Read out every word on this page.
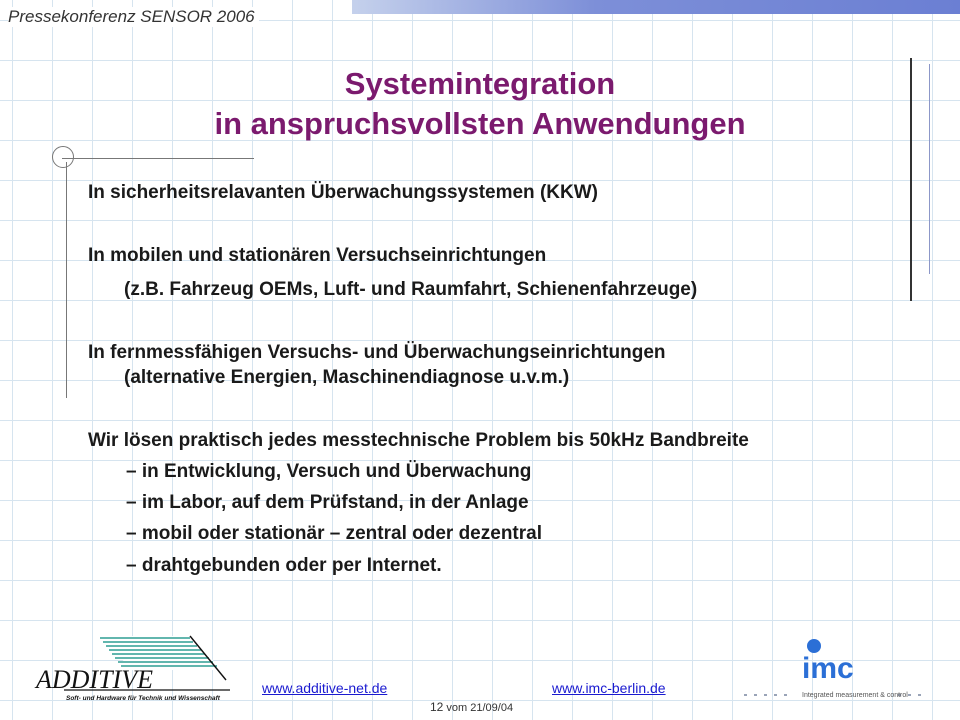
Pressekonferenz SENSOR 2006
Systemintegration
in anspruchsvollsten Anwendungen
In sicherheitsrelavanten Überwachungssystemen (KKW)
In mobilen und stationären Versuchseinrichtungen
(z.B. Fahrzeug OEMs, Luft- und Raumfahrt, Schienenfahrzeuge)
In fernmessfähigen Versuchs- und Überwachungseinrichtungen
(alternative Energien, Maschinendiagnose u.v.m.)
Wir lösen praktisch jedes messtechnische Problem bis 50kHz Bandbreite
– in Entwicklung, Versuch und Überwachung
– im Labor, auf dem Prüfstand, in der Anlage
– mobil oder stationär – zentral oder dezentral
– drahtgebunden oder per Internet.
ADDITIVE
Soft- und Hardware für Technik und Wissenschaft
imc
Integrated measurement & control
www.additive-net.de	www.imc-berlin.de
12 vom 21/09/04
